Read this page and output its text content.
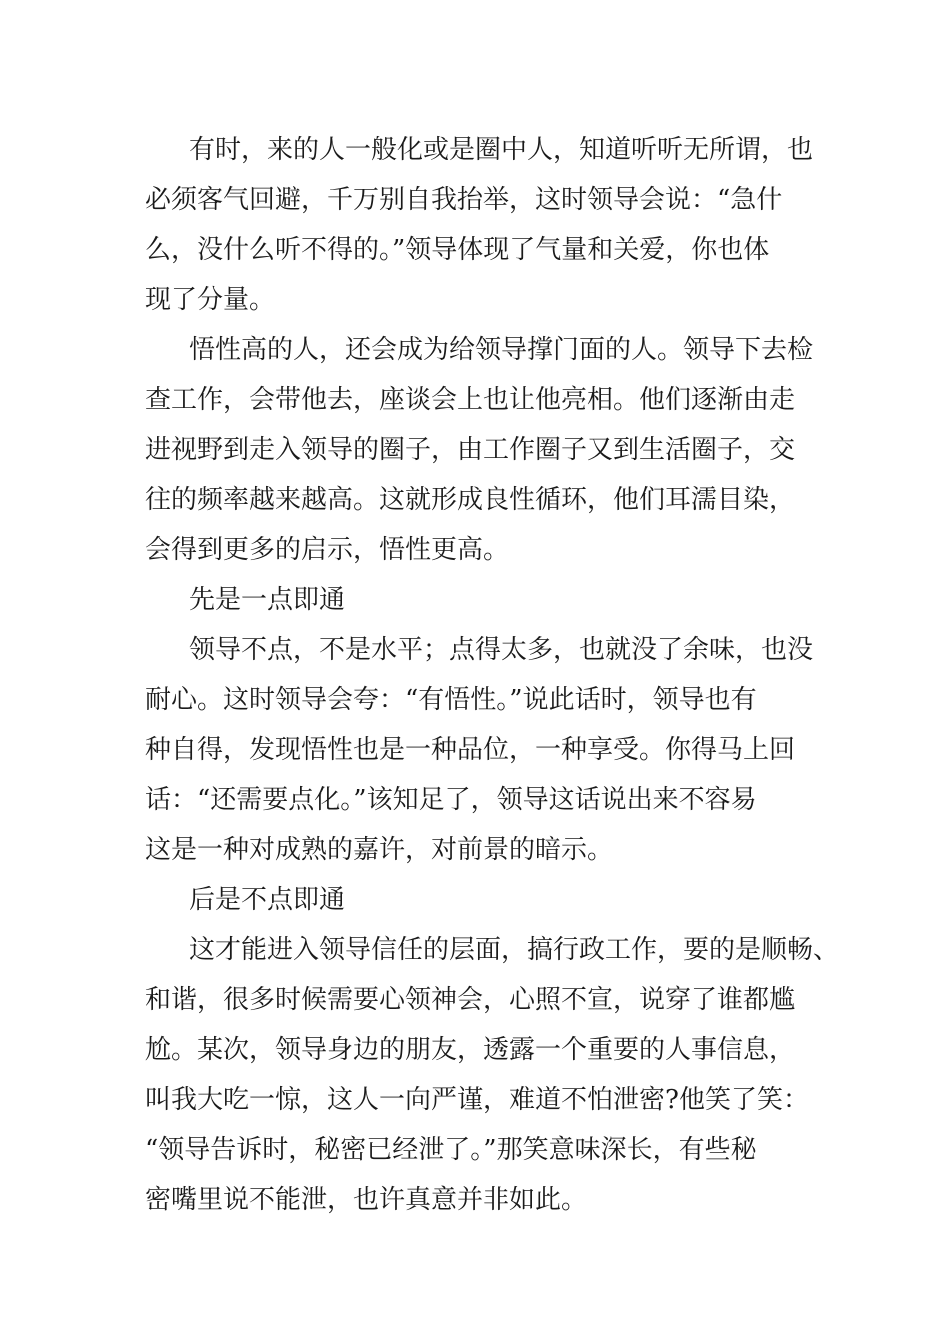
有时，来的人一般化或是圈中人，知道听听无所谓，也
必须客气回避，千万别自我抬举，这时领导会说：“急什
么，没什么听不得的。”领导体现了气量和关爱，你也体
现了分量。
悟性高的人，还会成为给领导撑门面的人。领导下去检
查工作，会带他去，座谈会上也让他亮相。他们逐渐由走
进视野到走入领导的圈子，由工作圈子又到生活圈子，交
往的频率越来越高。这就形成良性循环，他们耳濡目染，
会得到更多的启示，悟性更高。
先是一点即通
领导不点，不是水平；点得太多，也就没了余味，也没
耐心。这时领导会夸：“有悟性。”说此话时，领导也有
种自得，发现悟性也是一种品位，一种享受。你得马上回
话：“还需要点化。”该知足了，领导这话说出来不容易
这是一种对成熟的嘉许，对前景的暗示。
后是不点即通
这才能进入领导信任的层面，搞行政工作，要的是顺畅、
和谐，很多时候需要心领神会，心照不宣，说穿了谁都尴
尬。某次，领导身边的朋友，透露一个重要的人事信息，
叫我大吃一惊，这人一向严谨，难道不怕泄密?他笑了笑：
“领导告诉时，秘密已经泄了。”那笑意味深长，有些秘
密嘴里说不能泄，也许真意并非如此。
